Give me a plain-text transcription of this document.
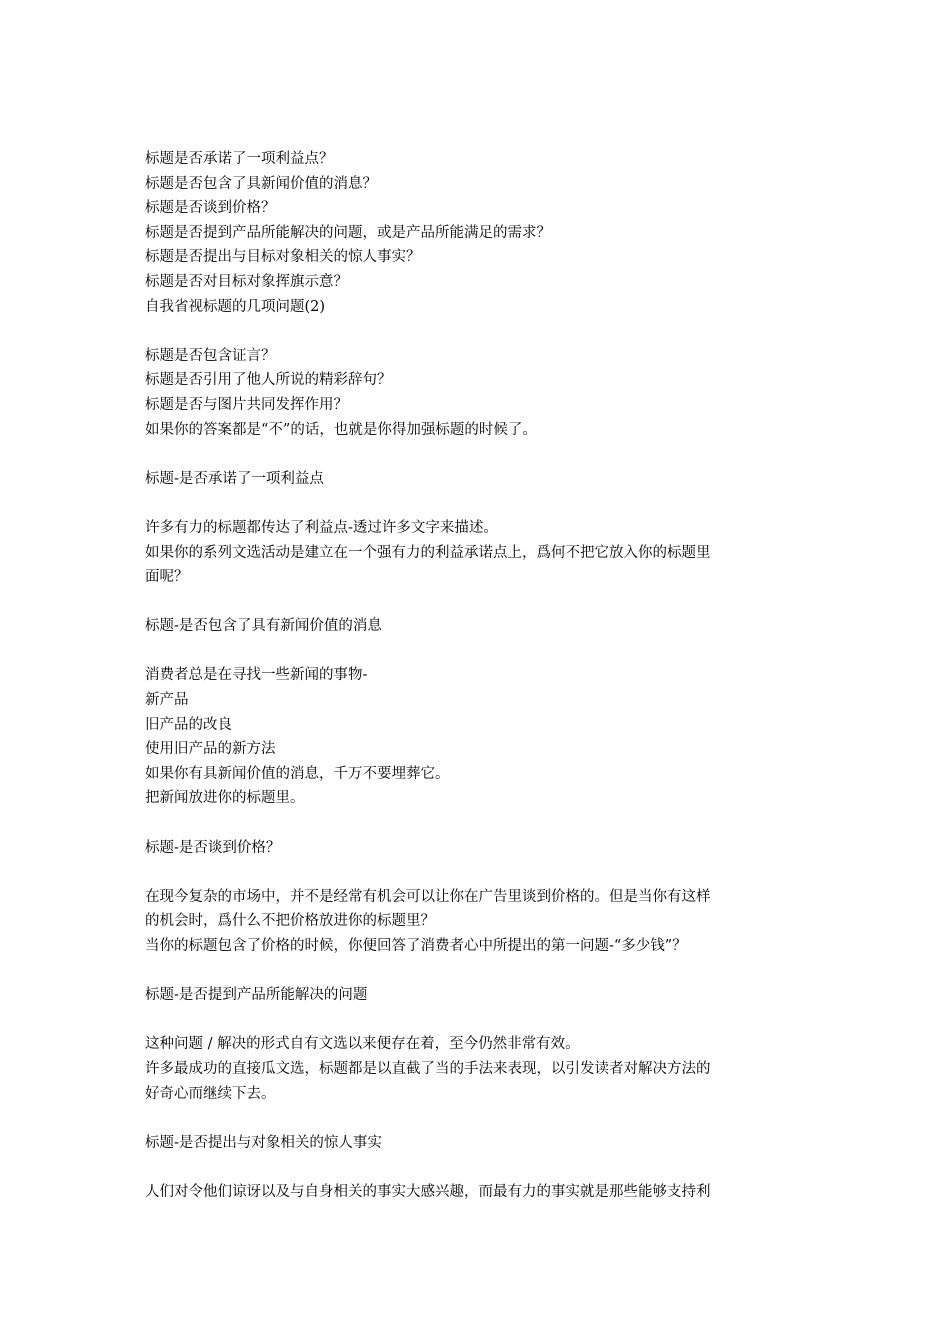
标题是否承诺了一项利益点？
标题是否包含了具新闻价值的消息？
标题是否谈到价格？
标题是否提到产品所能解决的问题，或是产品所能满足的需求？
标题是否提出与目标对象相关的惊人事实？
标题是否对目标对象挥旗示意？
自我省视标题的几项问题(2)
标题是否包含证言？
标题是否引用了他人所说的精彩辞句？
标题是否与图片共同发挥作用？
如果你的答案都是“不”的话，也就是你得加强标题的时候了。
标题-是否承诺了一项利益点
许多有力的标题都传达了利益点-透过许多文字来描述。
如果你的系列文选活动是建立在一个强有力的利益承诺点上，爲何不把它放入你的标题里
面呢？
标题-是否包含了具有新闻价值的消息
消费者总是在寻找一些新闻的事物-
新产品
旧产品的改良
使用旧产品的新方法
如果你有具新闻价值的消息，千万不要埋葬它。
把新闻放进你的标题里。
标题-是否谈到价格？
在现今复杂的市场中，并不是经常有机会可以让你在广告里谈到价格的。但是当你有这样
的机会时，爲什么不把价格放进你的标题里？
当你的标题包含了价格的时候，你便回答了消费者心中所提出的第一问题-“多少钱”？
标题-是否提到产品所能解决的问题
这种问题 / 解决的形式自有文选以来便存在着，至今仍然非常有效。
许多最成功的直接瓜文选，标题都是以直截了当的手法来表现，以引发读者对解决方法的
好奇心而继续下去。
标题-是否提出与对象相关的惊人事实
人们对令他们谅讶以及与自身相关的事实大感兴趣，而最有力的事实就是那些能够支持利
